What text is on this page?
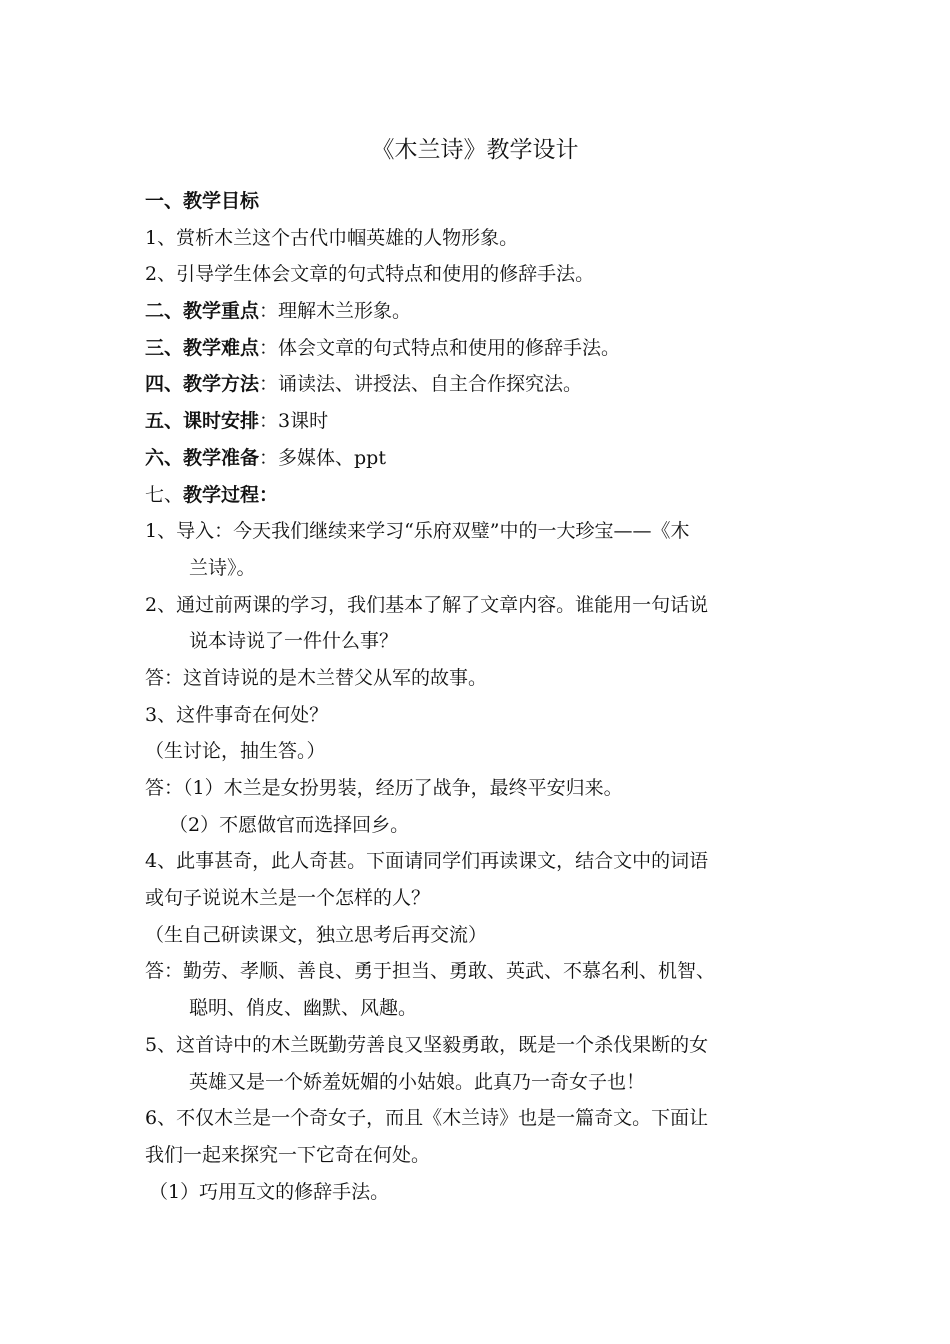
《木兰诗》教学设计
一、教学目标
1、赏析木兰这个古代巾帼英雄的人物形象。
2、引导学生体会文章的句式特点和使用的修辞手法。
二、教学重点：理解木兰形象。
三、教学难点：体会文章的句式特点和使用的修辞手法。
四、教学方法：诵读法、讲授法、自主合作探究法。
五、课时安排：3课时
六、教学准备：多媒体、ppt
七、教学过程：
1、导入：今天我们继续来学习“乐府双璧”中的一大珍宝——《木
兰诗》。
2、通过前两课的学习，我们基本了解了文章内容。谁能用一句话说
说本诗说了一件什么事？
答：这首诗说的是木兰替父从军的故事。
3、这件事奇在何处？
（生讨论，抽生答。）
答：（1）木兰是女扮男装，经历了战争，最终平安归来。
（2）不愿做官而选择回乡。
4、此事甚奇，此人奇甚。下面请同学们再读课文，结合文中的词语
或句子说说木兰是一个怎样的人？
（生自己研读课文，独立思考后再交流）
答：勤劳、孝顺、善良、勇于担当、勇敢、英武、不慕名利、机智、
聪明、俏皮、幽默、风趣。
5、这首诗中的木兰既勤劳善良又坚毅勇敢，既是一个杀伐果断的女
英雄又是一个娇羞妩媚的小姑娘。此真乃一奇女子也！
6、不仅木兰是一个奇女子，而且《木兰诗》也是一篇奇文。下面让
我们一起来探究一下它奇在何处。
（1）巧用互文的修辞手法。
